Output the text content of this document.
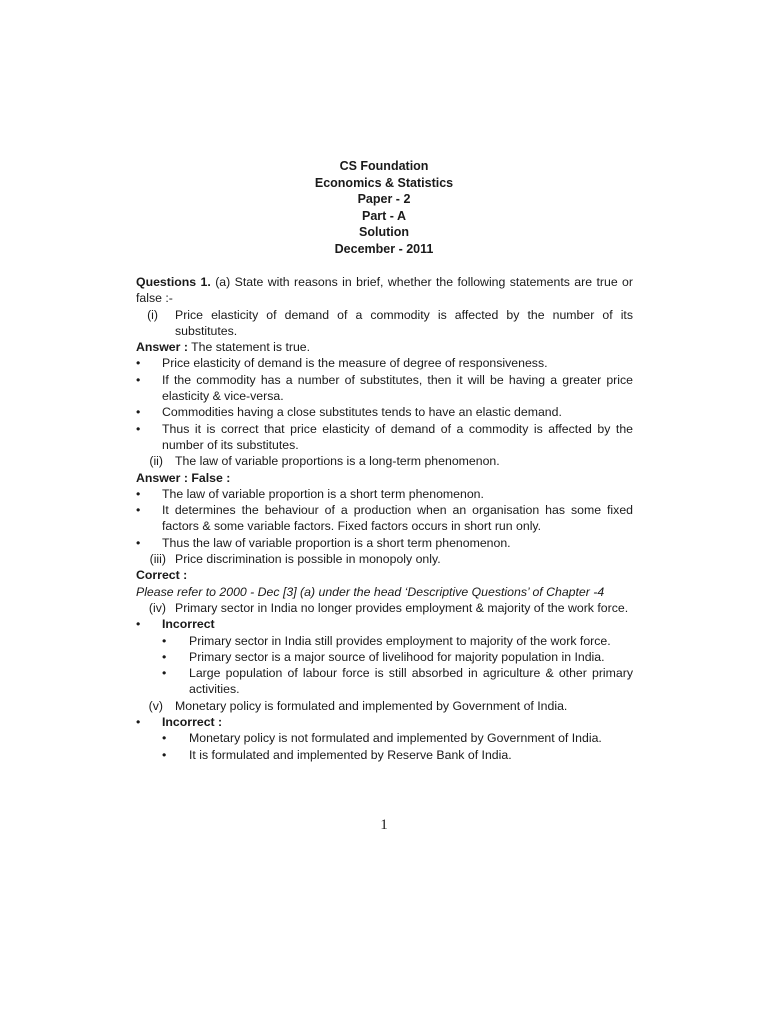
CS Foundation
Economics & Statistics
Paper - 2
Part - A
Solution
December - 2011

Questions 1. (a) State with reasons in brief, whether the following statements are true or false :-

(i)	Price elasticity of demand of a commodity is affected by the number of its substitutes.

Answer : The statement is true.

• Price elasticity of demand is the measure of degree of responsiveness.
• If the commodity has a number of substitutes, then it will be having a greater price elasticity & vice-versa.
• Commodities having a close substitutes tends to have an elastic demand.
• Thus it is correct that price elasticity of demand of a commodity is affected by the number of its substitutes.
(ii) The law of variable proportions is a long-term phenomenon.

Answer : False :

• The law of variable proportion is a short term phenomenon.
• It determines the behaviour of a production when an organisation has some fixed factors & some variable factors. Fixed factors occurs in short run only.
• Thus the law of variable proportion is a short term phenomenon.
(iii) Price discrimination is possible in monopoly only.

Correct :

Please refer to 2000 - Dec [3] (a) under the head ‘Descriptive Questions’ of Chapter -4

(iv) Primary sector in India no longer provides employment & majority of the work force.
• Incorrect
• Primary sector in India still provides employment to majority of the work force.
• Primary sector is a major source of livelihood for majority population in India.
• Large population of labour force is still absorbed in agriculture & other primary activities.
(v) Monetary policy is formulated and implemented by Government of India.
• Incorrect :
• Monetary policy is not formulated and implemented by Government of India.
• It is formulated and implemented by Reserve Bank of India.
1
